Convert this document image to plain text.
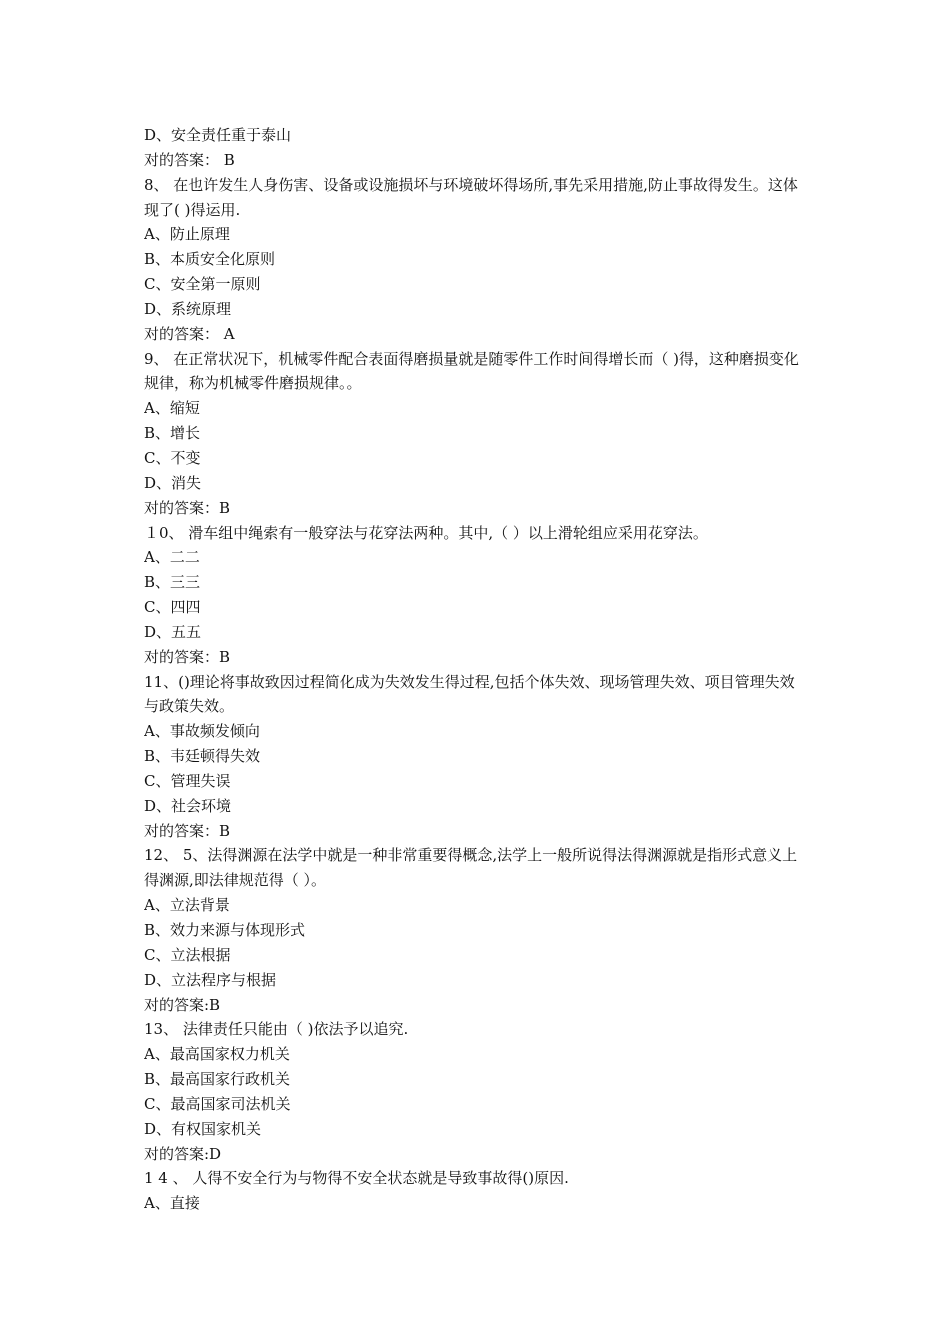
D、安全责任重于泰山
对的答案： B
8、 在也许发生人身伤害、设备或设施损坏与环境破坏得场所,事先采用措施,防止事故得发生。这体现了( )得运用.
A、防止原理
B、本质安全化原则
C、安全第一原则
D、系统原理
对的答案： A
9、 在正常状况下，机械零件配合表面得磨损量就是随零件工作时间得增长而（ )得，这种磨损变化规律，称为机械零件磨损规律。。
A、缩短
B、增长
C、不变
D、消失
对的答案：B
１0、 滑车组中绳索有一般穿法与花穿法两种。其中,（ ）以上滑轮组应采用花穿法。
A、二二
B、三三
C、四四
D、五五
对的答案：B
11、()理论将事故致因过程简化成为失效发生得过程,包括个体失效、现场管理失效、项目管理失效与政策失效。
A、事故频发倾向
B、韦廷顿得失效
C、管理失误
D、社会环境
对的答案：B
12、 5、法得渊源在法学中就是一种非常重要得概念,法学上一般所说得法得渊源就是指形式意义上得渊源,即法律规范得（ ）。
A、立法背景
B、效力来源与体现形式
C、立法根据
D、立法程序与根据
对的答案:B
13、 法律责任只能由（ )依法予以追究.
A、最高国家权力机关
B、最高国家行政机关
C、最高国家司法机关
D、有权国家机关
对的答案:D
1 4 、 人得不安全行为与物得不安全状态就是导致事故得()原因.
A、直接
